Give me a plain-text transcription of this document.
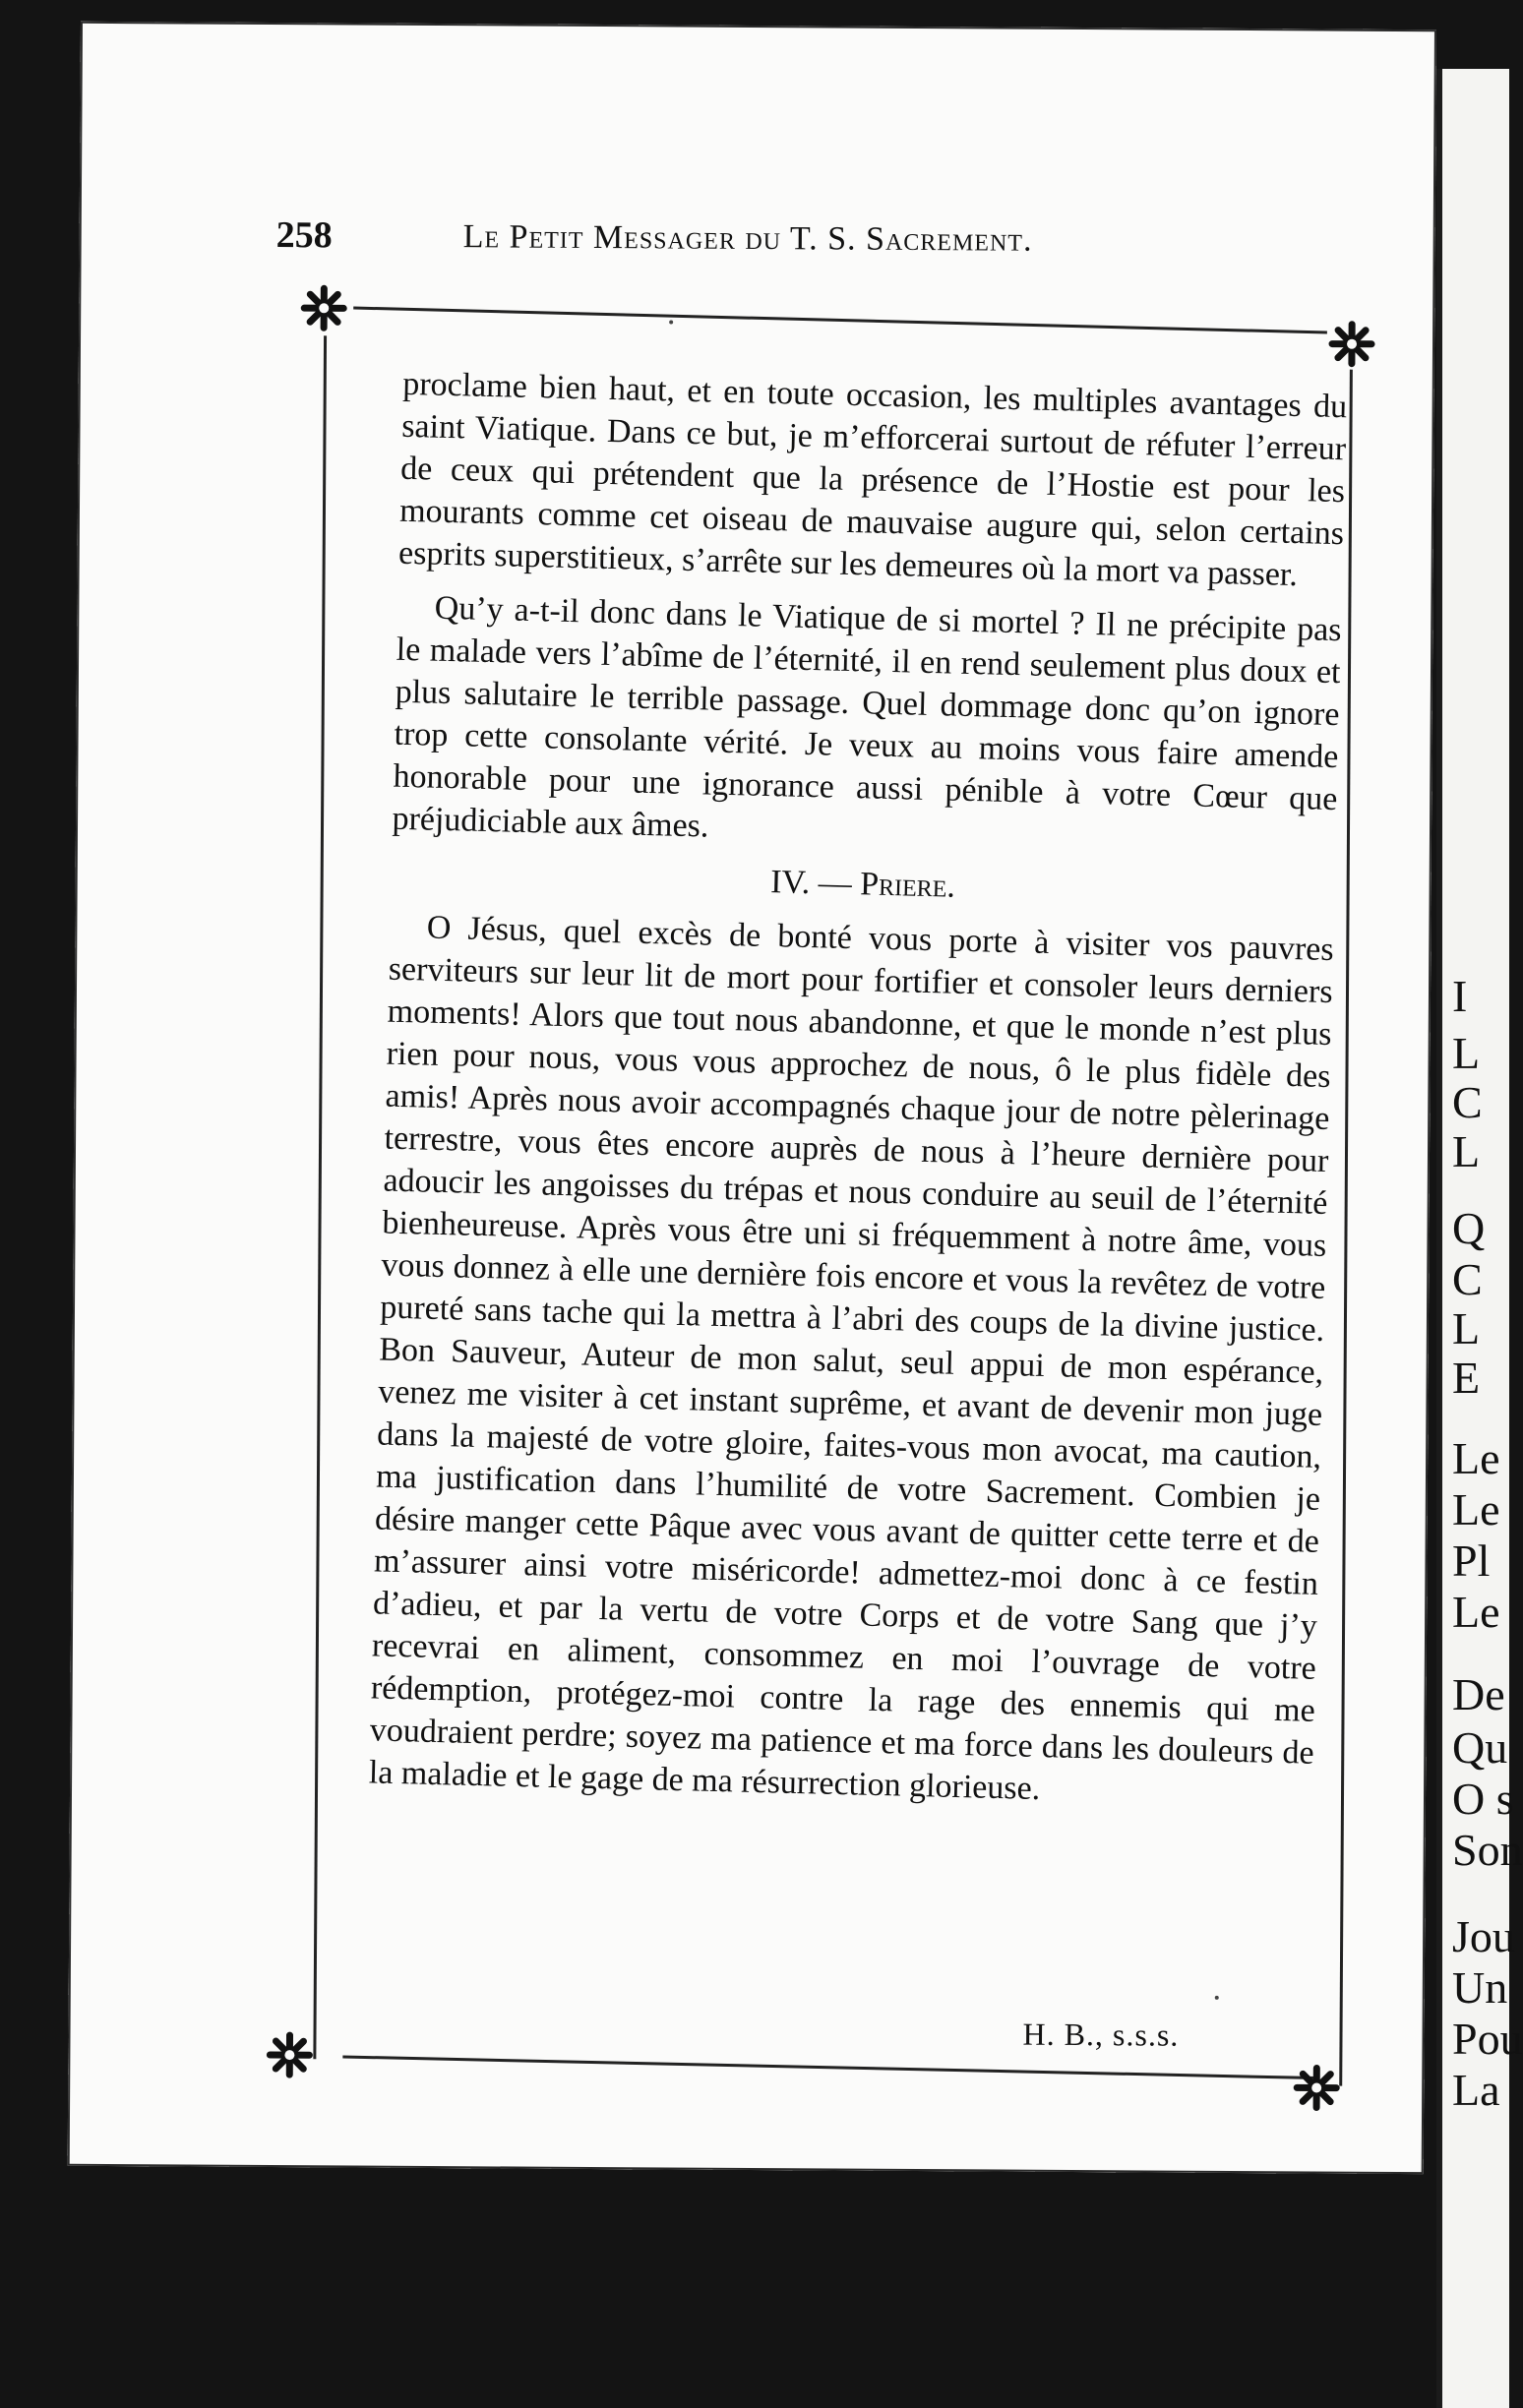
258	Le Petit Messager du T. S. Sacrement.

proclame bien haut, et en toute occasion, les multiples avantages du saint Viatique. Dans ce but, je m’efforcerai surtout de réfuter l’erreur de ceux qui prétendent que la présence de l’Hostie est pour les mourants comme cet oiseau de mauvaise augure qui, selon certains esprits superstitieux, s’arrête sur les demeures où la mort va passer.

Qu’y a-t-il donc dans le Viatique de si mortel ? Il ne précipite pas le malade vers l’abîme de l’éternité, il en rend seulement plus doux et plus salutaire le terrible passage. Quel dommage donc qu’on ignore trop cette consolante vérité. Je veux au moins vous faire amende honorable pour une ignorance aussi pénible à votre Cœur que préjudiciable aux âmes.

IV. — Priere.

O Jésus, quel excès de bonté vous porte à visiter vos pauvres serviteurs sur leur lit de mort pour fortifier et consoler leurs derniers moments! Alors que tout nous abandonne, et que le monde n’est plus rien pour nous, vous vous approchez de nous, ô le plus fidèle des amis! Après nous avoir accompagnés chaque jour de notre pèlerinage terrestre, vous êtes encore auprès de nous à l’heure dernière pour adoucir les angoisses du trépas et nous conduire au seuil de l’éternité bienheureuse. Après vous être uni si fréquemment à notre âme, vous vous donnez à elle une dernière fois encore et vous la revêtez de votre pureté sans tache qui la mettra à l’abri des coups de la divine justice. Bon Sauveur, Auteur de mon salut, seul appui de mon espérance, venez me visiter à cet instant suprême, et avant de devenir mon juge dans la majesté de votre gloire, faites-vous mon avocat, ma caution, ma justification dans l’humilité de votre Sacrement. Combien je désire manger cette Pâque avec vous avant de quitter cette terre et de m’assurer ainsi votre miséricorde! admettez-moi donc à ce festin d’adieu, et par la vertu de votre Corps et de votre Sang que j’y recevrai en aliment, consommez en moi l’ouvrage de votre rédemption, protégez-moi contre la rage des ennemis qui me voudraient perdre; soyez ma patience et ma force dans les douleurs de la maladie et le gage de ma résurrection glorieuse.

H. B., s.s.s.
I
L
C
L
Q
C
L
E
Le
Le
Pl
Le
De
Qu
O s
Son
Jou
Un
Pou
La
